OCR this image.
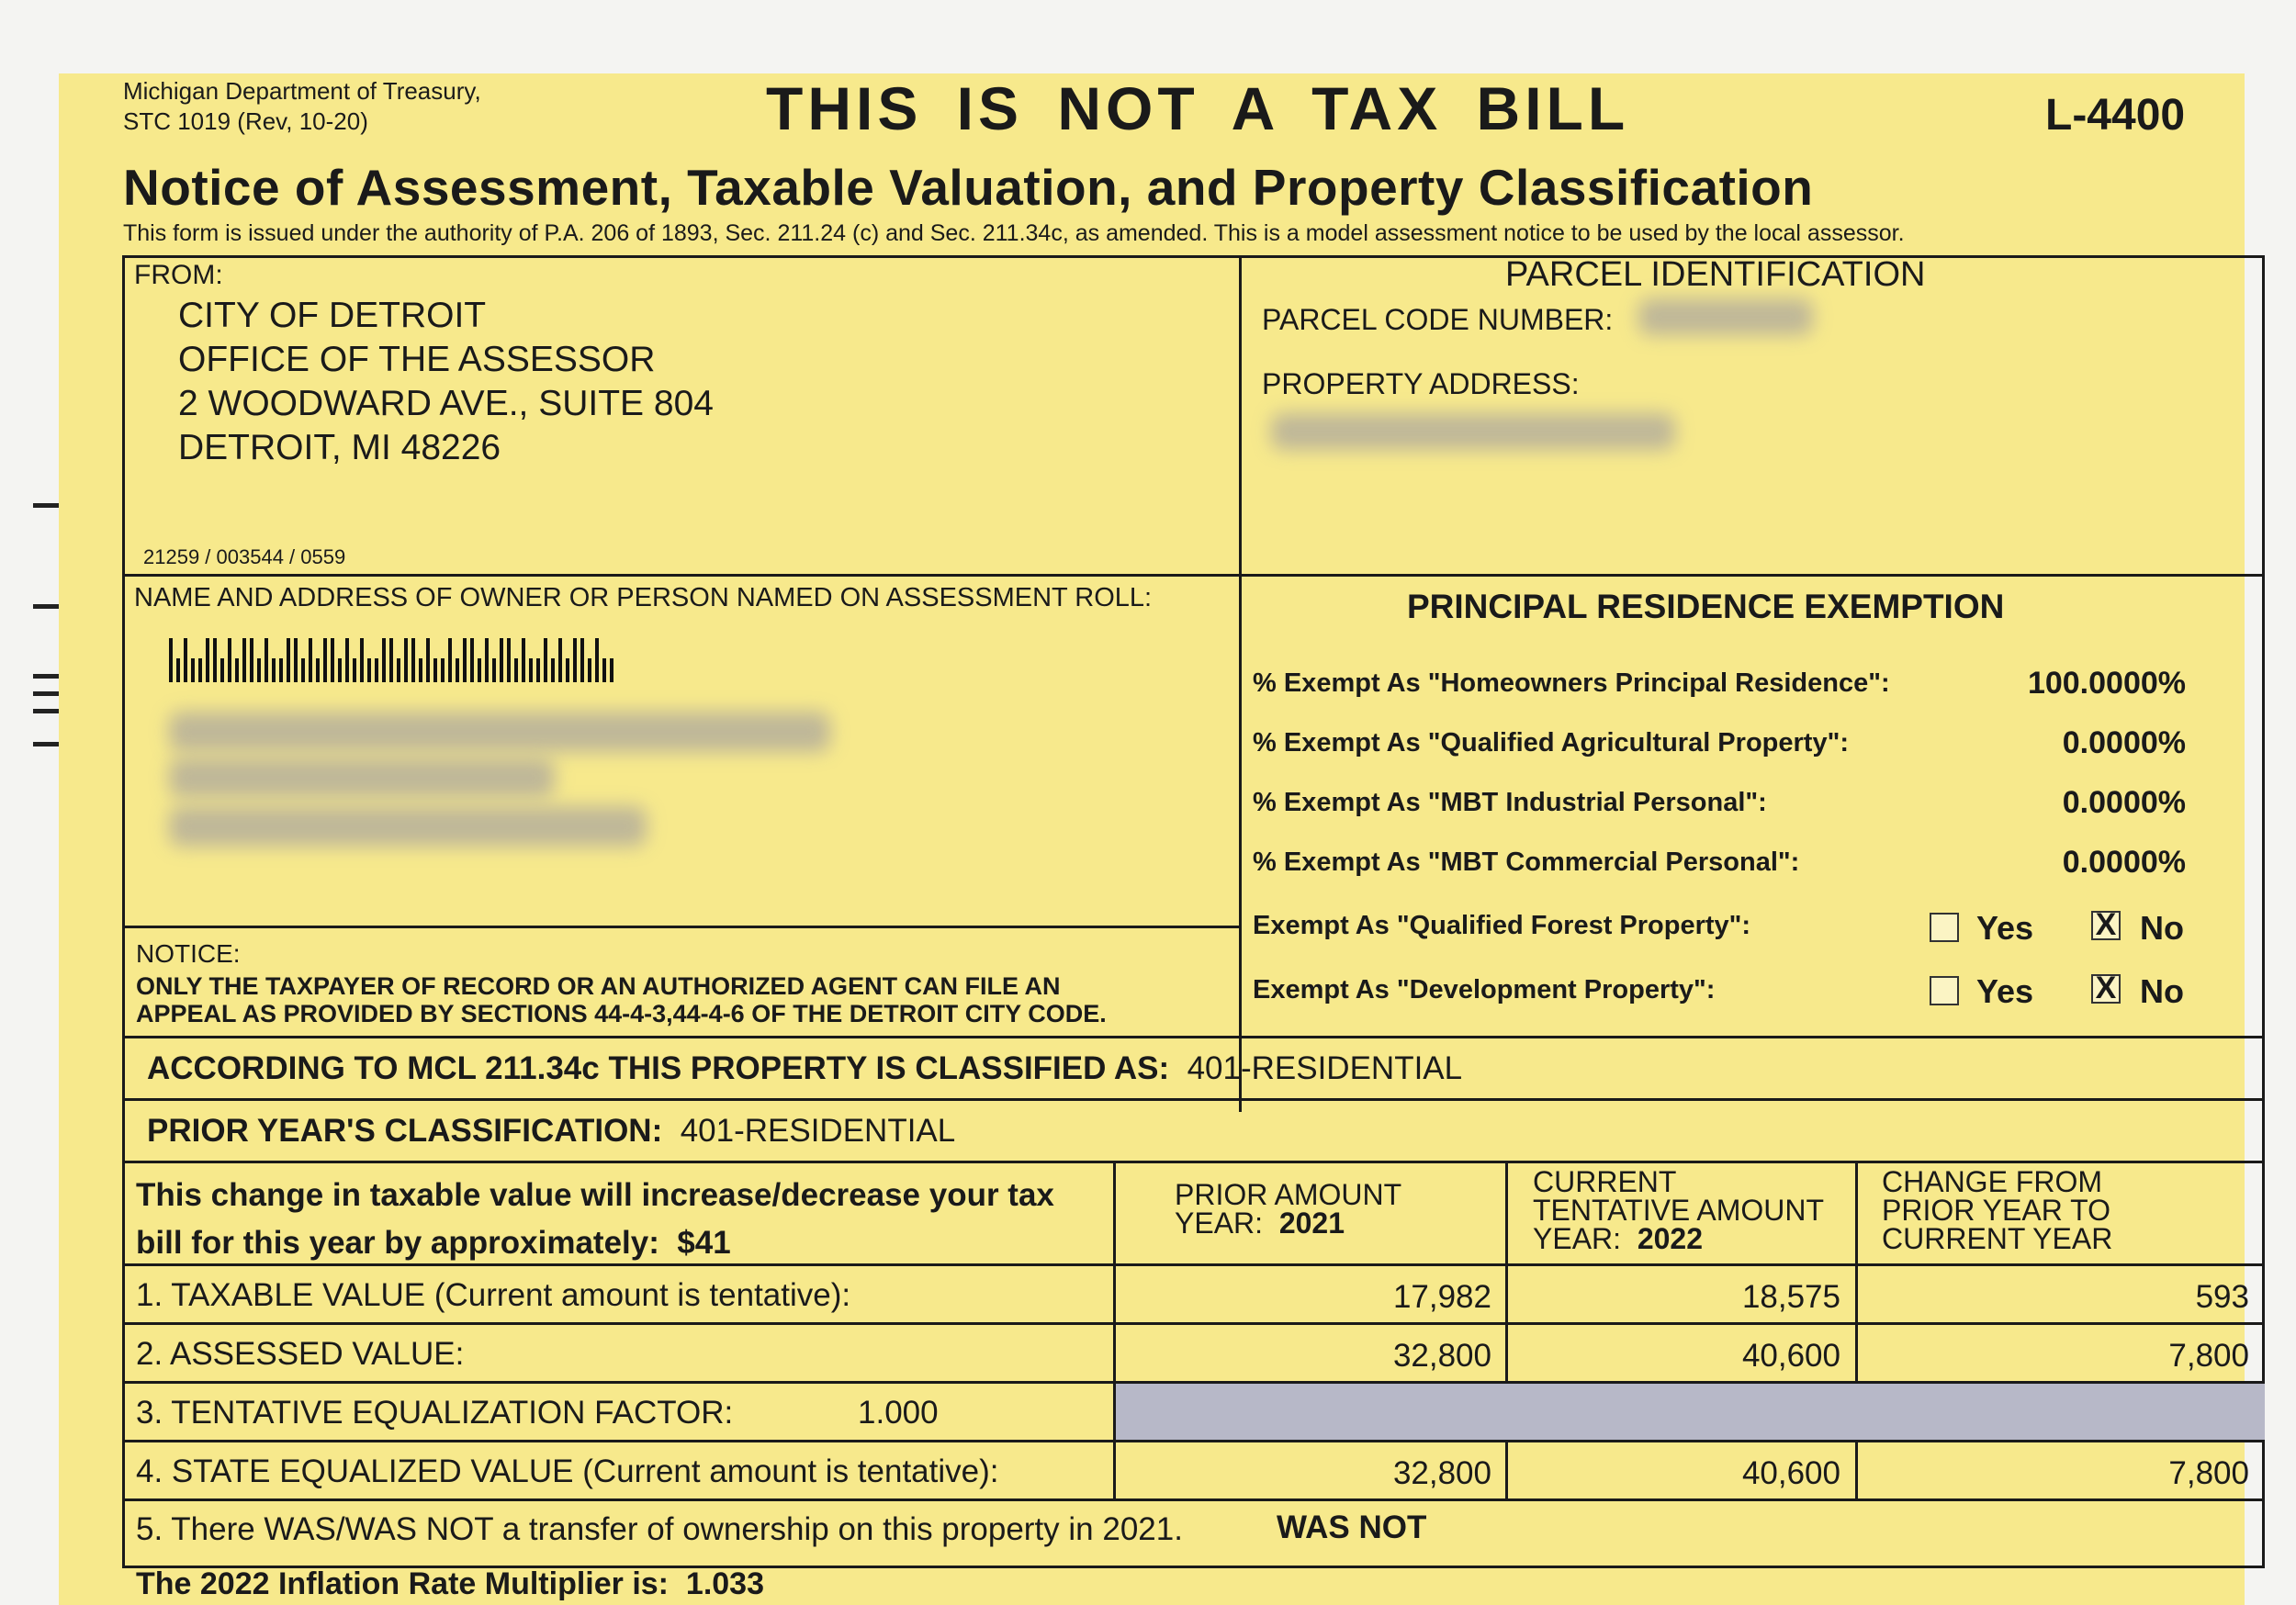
Michigan Department of Treasury,
STC 1019 (Rev, 10-20)	THIS IS NOT A TAX BILL	L-4400
Notice of Assessment, Taxable Valuation, and Property Classification
This form is issued under the authority of P.A. 206 of 1893, Sec. 211.24 (c) and Sec. 211.34c, as amended. This is a model assessment notice to be used by the local assessor.
FROM:
CITY OF DETROIT
OFFICE OF THE ASSESSOR
2 WOODWARD AVE., SUITE 804
DETROIT, MI 48226
21259 / 003544 / 0559
PARCEL IDENTIFICATION
PARCEL CODE NUMBER:
PROPERTY ADDRESS:
NAME AND ADDRESS OF OWNER OR PERSON NAMED ON ASSESSMENT ROLL:
NOTICE:
ONLY THE TAXPAYER OF RECORD OR AN AUTHORIZED AGENT CAN FILE AN
APPEAL AS PROVIDED BY SECTIONS 44-4-3,44-4-6 OF THE DETROIT CITY CODE.
PRINCIPAL RESIDENCE EXEMPTION
% Exempt As "Homeowners Principal Residence":	100.0000%
% Exempt As "Qualified Agricultural Property":	0.0000%
% Exempt As "MBT Industrial Personal":	0.0000%
% Exempt As "MBT Commercial Personal":	0.0000%
Exempt As "Qualified Forest Property":	Yes X No
Exempt As "Development Property":	Yes X No
ACCORDING TO MCL 211.34c THIS PROPERTY IS CLASSIFIED AS: 401-RESIDENTIAL
PRIOR YEAR'S CLASSIFICATION: 401-RESIDENTIAL
This change in taxable value will increase/decrease your tax
bill for this year by approximately: $41
PRIOR AMOUNT
YEAR: 2021
CURRENT
TENTATIVE AMOUNT
YEAR: 2022
CHANGE FROM
PRIOR YEAR TO
CURRENT YEAR
1. TAXABLE VALUE (Current amount is tentative):	17,982	18,575	593
2. ASSESSED VALUE:	32,800	40,600	7,800
3. TENTATIVE EQUALIZATION FACTOR:	1.000
4. STATE EQUALIZED VALUE (Current amount is tentative):	32,800	40,600	7,800
5. There WAS/WAS NOT a transfer of ownership on this property in 2021.	WAS NOT
The 2022 Inflation Rate Multiplier is: 1.033
